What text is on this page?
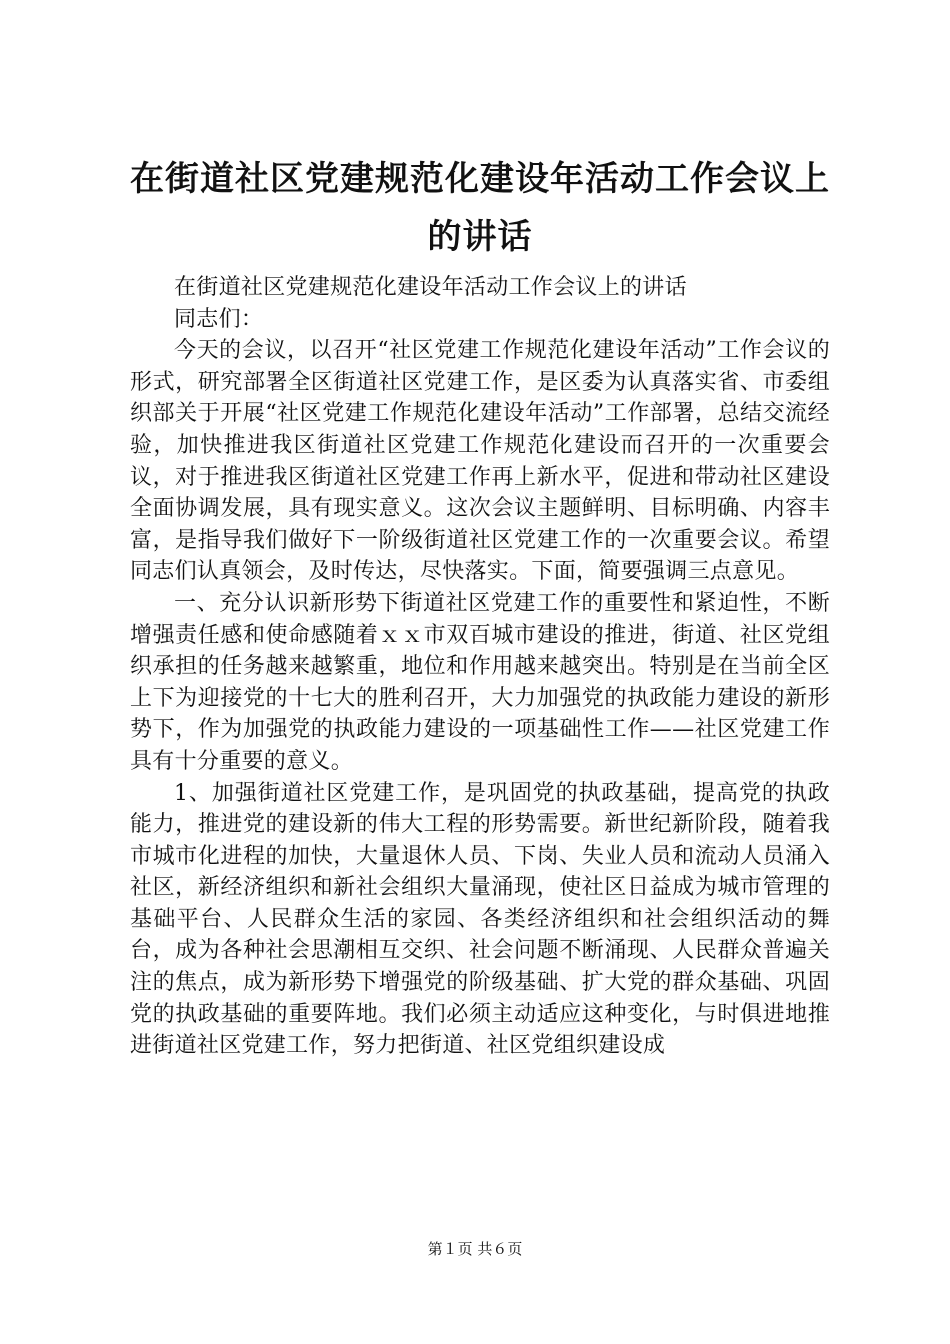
在街道社区党建规范化建设年活动工作会议上的讲话

在街道社区党建规范化建设年活动工作会议上的讲话

同志们：

今天的会议，以召开“社区党建工作规范化建设年活动”工作会议的形式，研究部署全区街道社区党建工作，是区委为认真落实省、市委组织部关于开展“社区党建工作规范化建设年活动”工作部署，总结交流经验，加快推进我区街道社区党建工作规范化建设而召开的一次重要会议，对于推进我区街道社区党建工作再上新水平，促进和带动社区建设全面协调发展，具有现实意义。这次会议主题鲜明、目标明确、内容丰富，是指导我们做好下一阶级街道社区党建工作的一次重要会议。希望同志们认真领会，及时传达，尽快落实。下面，简要强调三点意见。

一、充分认识新形势下街道社区党建工作的重要性和紧迫性，不断增强责任感和使命感随着ｘｘ市双百城市建设的推进，街道、社区党组织承担的任务越来越繁重，地位和作用越来越突出。特别是在当前全区上下为迎接党的十七大的胜利召开，大力加强党的执政能力建设的新形势下，作为加强党的执政能力建设的一项基础性工作——社区党建工作具有十分重要的意义。

1、加强街道社区党建工作，是巩固党的执政基础，提高党的执政能力，推进党的建设新的伟大工程的形势需要。新世纪新阶段，随着我市城市化进程的加快，大量退休人员、下岗、失业人员和流动人员涌入社区，新经济组织和新社会组织大量涌现，使社区日益成为城市管理的基础平台、人民群众生活的家园、各类经济组织和社会组织活动的舞台，成为各种社会思潮相互交织、社会问题不断涌现、人民群众普遍关注的焦点，成为新形势下增强党的阶级基础、扩大党的群众基础、巩固党的执政基础的重要阵地。我们必须主动适应这种变化，与时俱进地推进街道社区党建工作，努力把街道、社区党组织建设成

第１页 共６页
